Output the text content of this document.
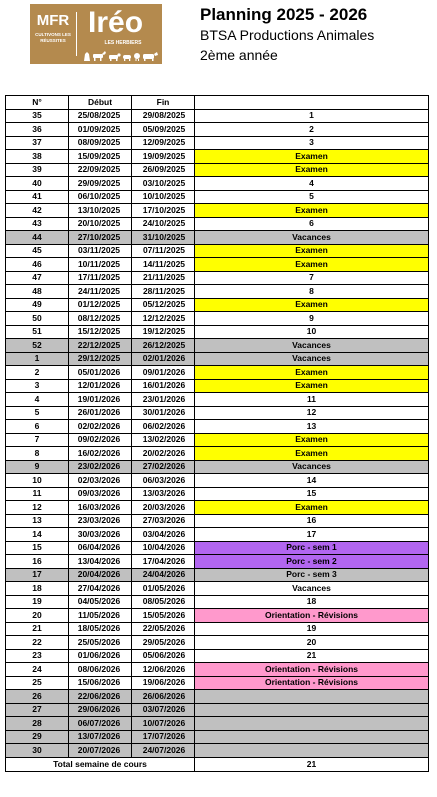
MFR
CULTIVONS LES RÉUSSITES
Iréo
LES HERBIERS
Planning 2025 - 2026
BTSA Productions Animales
2ème année
N°	Début	Fin	
35	25/08/2025	29/08/2025	1
36	01/09/2025	05/09/2025	2
37	08/09/2025	12/09/2025	3
38	15/09/2025	19/09/2025	Examen
39	22/09/2025	26/09/2025	Examen
40	29/09/2025	03/10/2025	4
41	06/10/2025	10/10/2025	5
42	13/10/2025	17/10/2025	Examen
43	20/10/2025	24/10/2025	6
44	27/10/2025	31/10/2025	Vacances
45	03/11/2025	07/11/2025	Examen
46	10/11/2025	14/11/2025	Examen
47	17/11/2025	21/11/2025	7
48	24/11/2025	28/11/2025	8
49	01/12/2025	05/12/2025	Examen
50	08/12/2025	12/12/2025	9
51	15/12/2025	19/12/2025	10
52	22/12/2025	26/12/2025	Vacances
1	29/12/2025	02/01/2026	Vacances
2	05/01/2026	09/01/2026	Examen
3	12/01/2026	16/01/2026	Examen
4	19/01/2026	23/01/2026	11
5	26/01/2026	30/01/2026	12
6	02/02/2026	06/02/2026	13
7	09/02/2026	13/02/2026	Examen
8	16/02/2026	20/02/2026	Examen
9	23/02/2026	27/02/2026	Vacances
10	02/03/2026	06/03/2026	14
11	09/03/2026	13/03/2026	15
12	16/03/2026	20/03/2026	Examen
13	23/03/2026	27/03/2026	16
14	30/03/2026	03/04/2026	17
15	06/04/2026	10/04/2026	Porc - sem 1
16	13/04/2026	17/04/2026	Porc - sem 2
17	20/04/2026	24/04/2026	Porc - sem 3
18	27/04/2026	01/05/2026	Vacances
19	04/05/2026	08/05/2026	18
20	11/05/2026	15/05/2026	Orientation - Révisions
21	18/05/2026	22/05/2026	19
22	25/05/2026	29/05/2026	20
23	01/06/2026	05/06/2026	21
24	08/06/2026	12/06/2026	Orientation - Révisions
25	15/06/2026	19/06/2026	Orientation - Révisions
26	22/06/2026	26/06/2026	
27	29/06/2026	03/07/2026	
28	06/07/2026	10/07/2026	
29	13/07/2026	17/07/2026	
30	20/07/2026	24/07/2026	
Total semaine de cours			21
